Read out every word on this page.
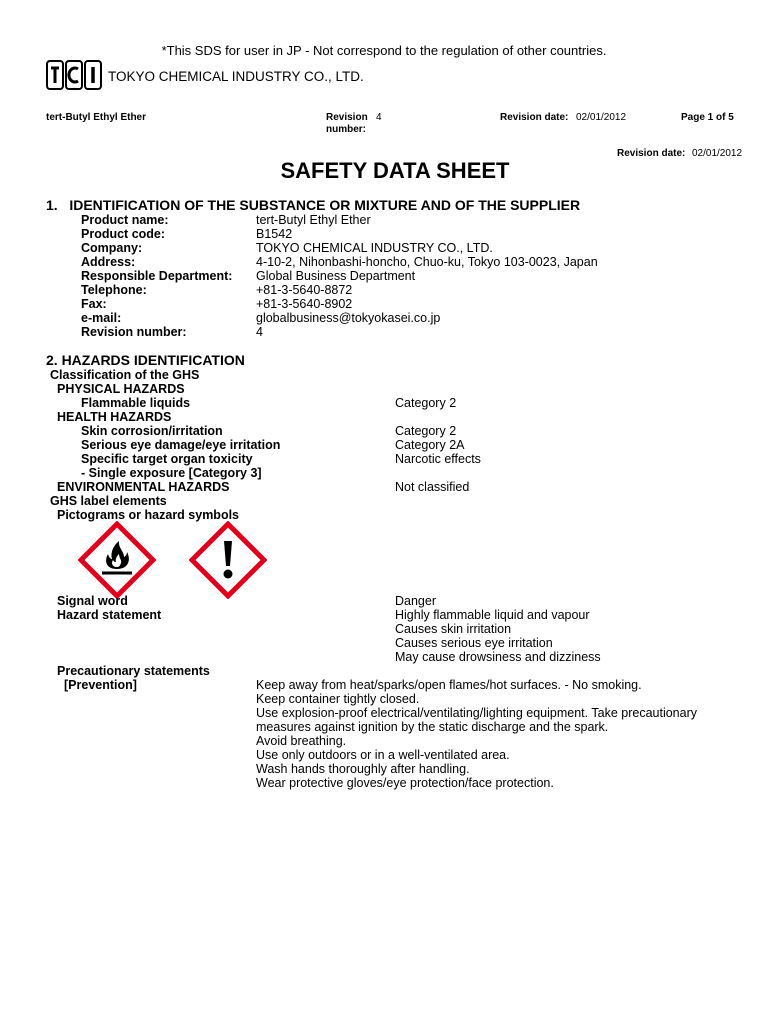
*This SDS for user in JP - Not correspond to the regulation of other countries.
TOKYO CHEMICAL INDUSTRY CO., LTD.
tert-Butyl Ethyl Ether	Revision
number:
4	Revision date: 02/01/2012	Page 1 of 5
Revision date: 02/01/2012
SAFETY DATA SHEET
1.   IDENTIFICATION OF THE SUBSTANCE OR MIXTURE AND OF THE SUPPLIER
Product name:	tert-Butyl Ethyl Ether
Product code:	B1542
Company:	TOKYO CHEMICAL INDUSTRY CO., LTD.
Address:	4-10-2, Nihonbashi-honcho, Chuo-ku, Tokyo 103-0023, Japan
Responsible Department: Global Business Department
Telephone:	+81-3-5640-8872
Fax:	+81-3-5640-8902
e-mail:	globalbusiness@tokyokasei.co.jp
Revision number:	4
2. HAZARDS IDENTIFICATION
Classification of the GHS
PHYSICAL HAZARDS
Flammable liquids	Category 2
HEALTH HAZARDS
Skin corrosion/irritation	Category 2
Serious eye damage/eye irritation	Category 2A
Specific target organ toxicity	Narcotic effects
- Single exposure [Category 3]
ENVIRONMENTAL HAZARDS	Not classified
GHS label elements
Pictograms or hazard symbols
Signal word	Danger
Hazard statement	Highly flammable liquid and vapour
Causes skin irritation
Causes serious eye irritation
May cause drowsiness and dizziness
Precautionary statements
[Prevention]	Keep away from heat/sparks/open flames/hot surfaces. - No smoking.
Keep container tightly closed.
Use explosion-proof electrical/ventilating/lighting equipment. Take precautionary
measures against ignition by the static discharge and the spark.
Avoid breathing.
Use only outdoors or in a well-ventilated area.
Wash hands thoroughly after handling.
Wear protective gloves/eye protection/face protection.
